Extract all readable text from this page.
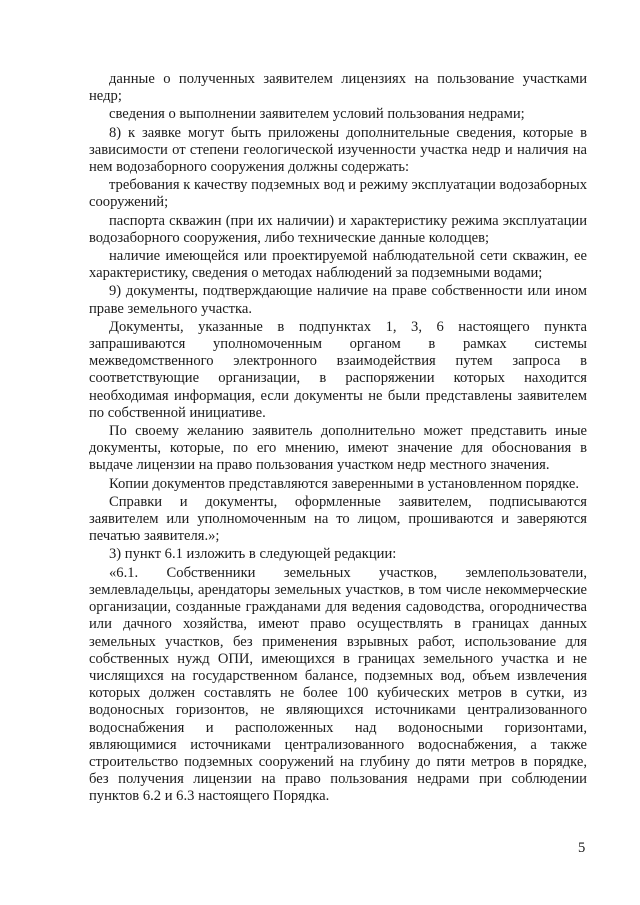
данные о полученных заявителем лицензиях на пользование участками недр;

сведения о выполнении заявителем условий пользования недрами;

8) к заявке могут быть приложены дополнительные сведения, которые в зависимости от степени геологической изученности участка недр и наличия на нем водозаборного сооружения должны содержать:

требования к качеству подземных вод и режиму эксплуатации водозаборных сооружений;

паспорта скважин (при их наличии) и характеристику режима эксплуатации водозаборного сооружения, либо технические данные колодцев;

наличие имеющейся или проектируемой наблюдательной сети скважин, ее характеристику, сведения о методах наблюдений за подземными водами;

9) документы, подтверждающие наличие на праве собственности или ином праве земельного участка.

Документы, указанные в подпунктах 1, 3, 6 настоящего пункта запрашиваются уполномоченным органом в рамках системы межведомственного электронного взаимодействия путем запроса в соответствующие организации, в распоряжении которых находится необходимая информация, если документы не были представлены заявителем по собственной инициативе.

По своему желанию заявитель дополнительно может представить иные документы, которые, по его мнению, имеют значение для обоснования в выдаче лицензии на право пользования участком недр местного значения.

Копии документов представляются заверенными в установленном порядке.

Справки и документы, оформленные заявителем, подписываются заявителем или уполномоченным на то лицом, прошиваются и заверяются печатью заявителя.»;

3) пункт 6.1 изложить в следующей редакции:

«6.1. Собственники земельных участков, землепользователи, землевладельцы, арендаторы земельных участков, в том числе некоммерческие организации, созданные гражданами для ведения садоводства, огородничества или дачного хозяйства, имеют право осуществлять в границах данных земельных участков, без применения взрывных работ, использование для собственных нужд ОПИ, имеющихся в границах земельного участка и не числящихся на государственном балансе, подземных вод, объем извлечения которых должен составлять не более 100 кубических метров в сутки, из водоносных горизонтов, не являющихся источниками централизованного водоснабжения и расположенных над водоносными горизонтами, являющимися источниками централизованного водоснабжения, а также строительство подземных сооружений на глубину до пяти метров в порядке, без получения лицензии на право пользования недрами при соблюдении пунктов 6.2 и 6.3 настоящего Порядка.

5
